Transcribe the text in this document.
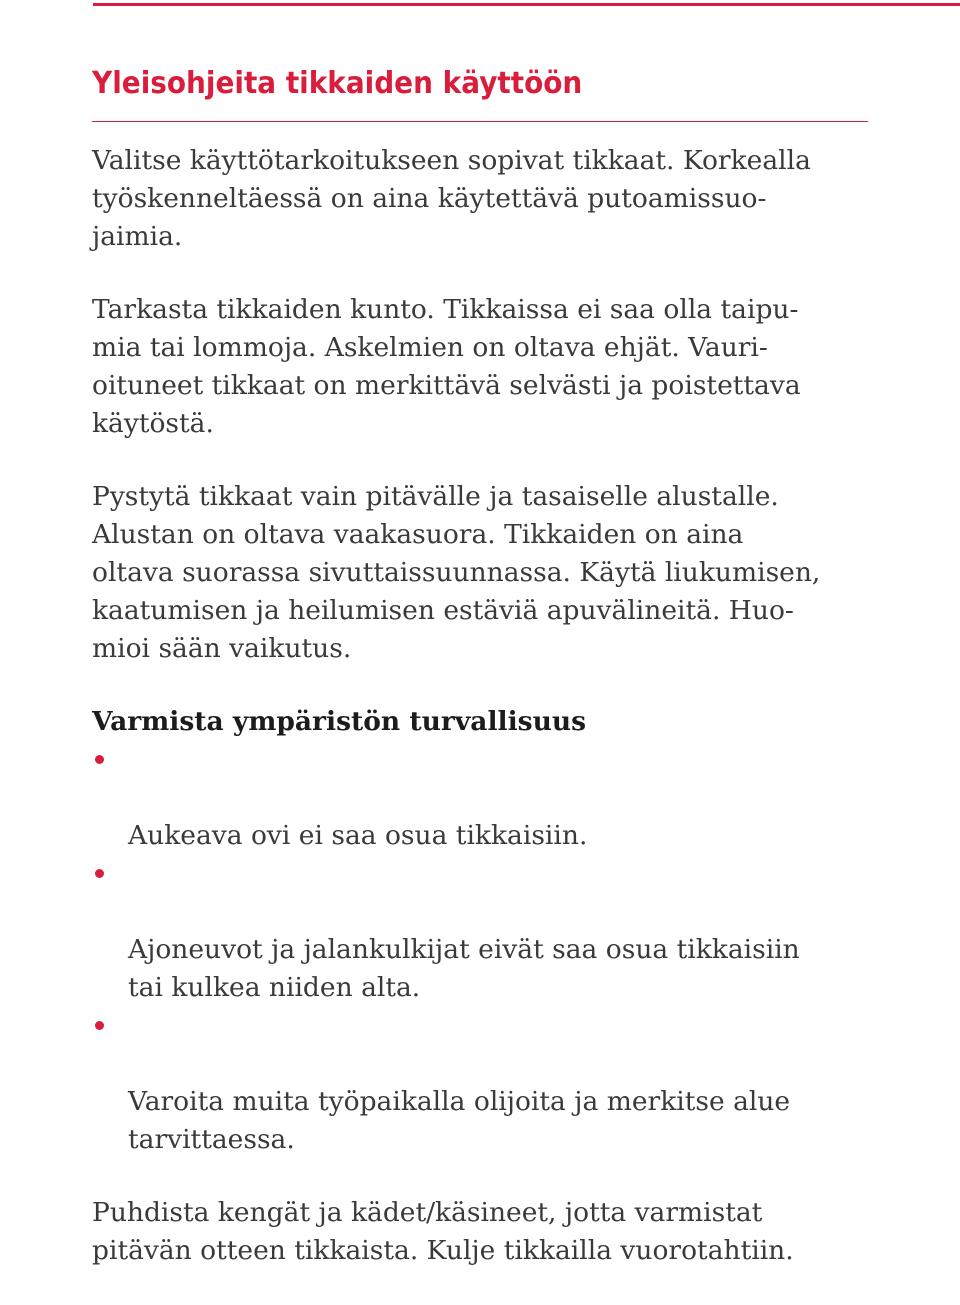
Yleisohjeita tikkaiden käyttöön

Valitse käyttötarkoitukseen sopivat tikkaat. Korkealla
työskenneltäessä on aina käytettävä putoamissuo-
jaimia.

Tarkasta tikkaiden kunto. Tikkaissa ei saa olla taipu-
mia tai lommoja. Askelmien on oltava ehjät. Vauri-
oituneet tikkaat on merkittävä selvästi ja poistettava
käytöstä.

Pystytä tikkaat vain pitävälle ja tasaiselle alustalle.
Alustan on oltava vaakasuora. Tikkaiden on aina
oltava suorassa sivuttaissuunnassa. Käytä liukumisen,
kaatumisen ja heilumisen estäviä apuvälineitä. Huo-
mioi sään vaikutus.

Varmista ympäristön turvallisuus

Aukeava ovi ei saa osua tikkaisiin.

Ajoneuvot ja jalankulkijat eivät saa osua tikkaisiin
tai kulkea niiden alta.

Varoita muita työpaikalla olijoita ja merkitse alue
tarvittaessa.

Puhdista kengät ja kädet/käsineet, jotta varmistat
pitävän otteen tikkaista. Kulje tikkailla vuorotahtiin.
